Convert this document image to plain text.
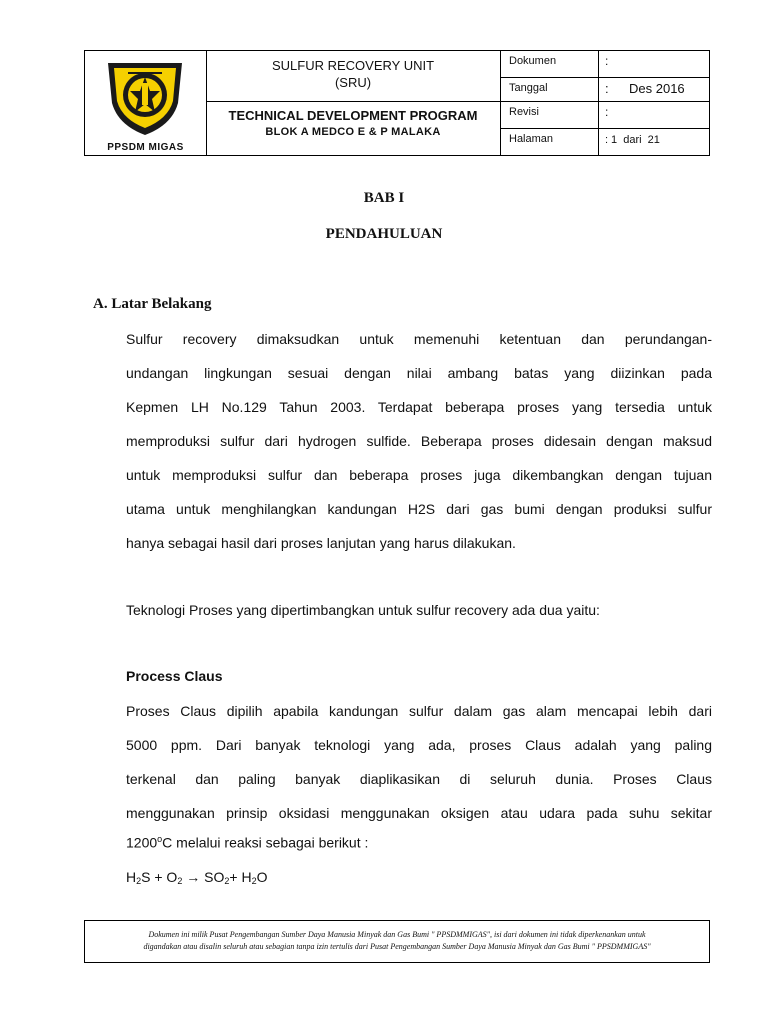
PPSDM MIGAS
SULFUR RECOVERY UNIT
(SRU)
TECHNICAL DEVELOPMENT PROGRAM
BLOK A MEDCO E & P MALAKA
Dokumen	:
Tanggal	: Des 2016
Revisi	:
Halaman	: 1  dari  21
BAB I
PENDAHULUAN
A. Latar Belakang
Sulfur recovery dimaksudkan untuk memenuhi ketentuan dan perundangan-
undangan lingkungan sesuai dengan nilai ambang batas yang diizinkan pada
Kepmen LH No.129 Tahun 2003. Terdapat beberapa proses yang tersedia untuk
memproduksi sulfur dari hydrogen sulfide. Beberapa proses didesain dengan maksud
untuk memproduksi sulfur dan beberapa proses juga dikembangkan dengan tujuan
utama untuk menghilangkan kandungan H2S dari gas bumi dengan produksi sulfur
hanya sebagai hasil dari proses lanjutan yang harus dilakukan.
Teknologi Proses yang dipertimbangkan untuk sulfur recovery ada dua yaitu:
Process Claus
Proses Claus dipilih apabila kandungan sulfur dalam gas alam mencapai lebih dari
5000 ppm. Dari banyak teknologi yang ada, proses Claus adalah yang paling
terkenal dan paling banyak diaplikasikan di seluruh dunia. Proses Claus
menggunakan prinsip oksidasi menggunakan oksigen atau udara pada suhu sekitar
1200$^o$C melalui reaksi sebagai berikut :
$H_2S + O_2 \to SO_2+ H_2O$
Dokumen ini milik Pusat Pengembangan Sumber Daya Manusia Minyak dan Gas Bumi " PPSDMMIGAS", isi dari dokumen ini tidak diperkenankan untuk
digandakan atau disalin seluruh atau sebagian tanpa izin tertulis dari Pusat Pengembangan Sumber Daya Manusia Minyak dan Gas Bumi " PPSDMMIGAS"
